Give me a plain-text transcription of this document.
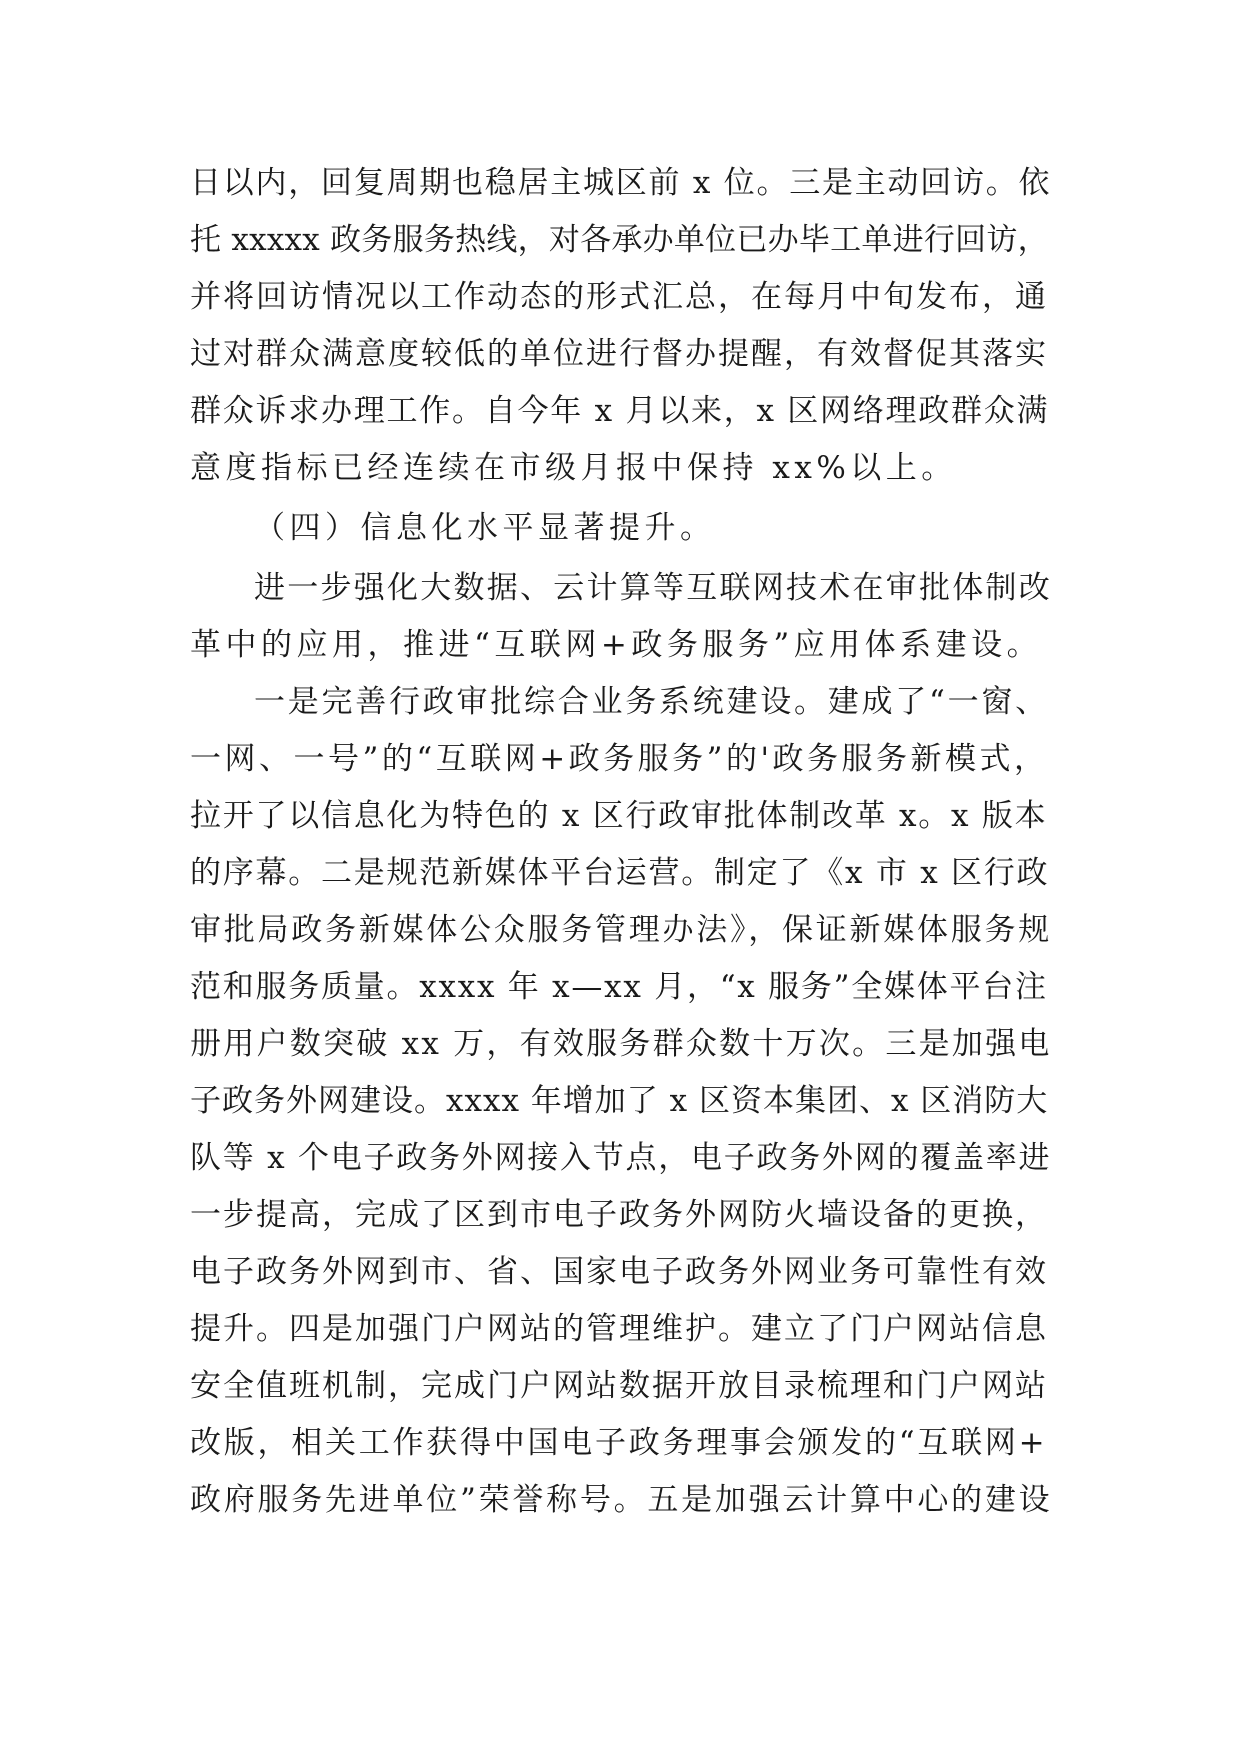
日以内，回复周期也稳居主城区前 x 位。三是主动回访。依
托 xxxxx 政务服务热线，对各承办单位已办毕工单进行回访，
并将回访情况以工作动态的形式汇总，在每月中旬发布，通
过对群众满意度较低的单位进行督办提醒，有效督促其落实
群众诉求办理工作。自今年 x 月以来，x 区网络理政群众满
意度指标已经连续在市级月报中保持 xx%以上。
（四）信息化水平显著提升。
进一步强化大数据、云计算等互联网技术在审批体制改
革中的应用，推进“互联网+政务服务”应用体系建设。
一是完善行政审批综合业务系统建设。建成了“一窗、
一网、一号”的“互联网+政务服务”的'政务服务新模式，
拉开了以信息化为特色的 x 区行政审批体制改革 x。x 版本
的序幕。二是规范新媒体平台运营。制定了《x 市 x 区行政
审批局政务新媒体公众服务管理办法》，保证新媒体服务规
范和服务质量。xxxx 年 x—xx 月，“x 服务”全媒体平台注
册用户数突破 xx 万，有效服务群众数十万次。三是加强电
子政务外网建设。xxxx 年增加了 x 区资本集团、x 区消防大
队等 x 个电子政务外网接入节点，电子政务外网的覆盖率进
一步提高，完成了区到市电子政务外网防火墙设备的更换，
电子政务外网到市、省、国家电子政务外网业务可靠性有效
提升。四是加强门户网站的管理维护。建立了门户网站信息
安全值班机制，完成门户网站数据开放目录梳理和门户网站
改版，相关工作获得中国电子政务理事会颁发的“互联网+
政府服务先进单位”荣誉称号。五是加强云计算中心的建设
